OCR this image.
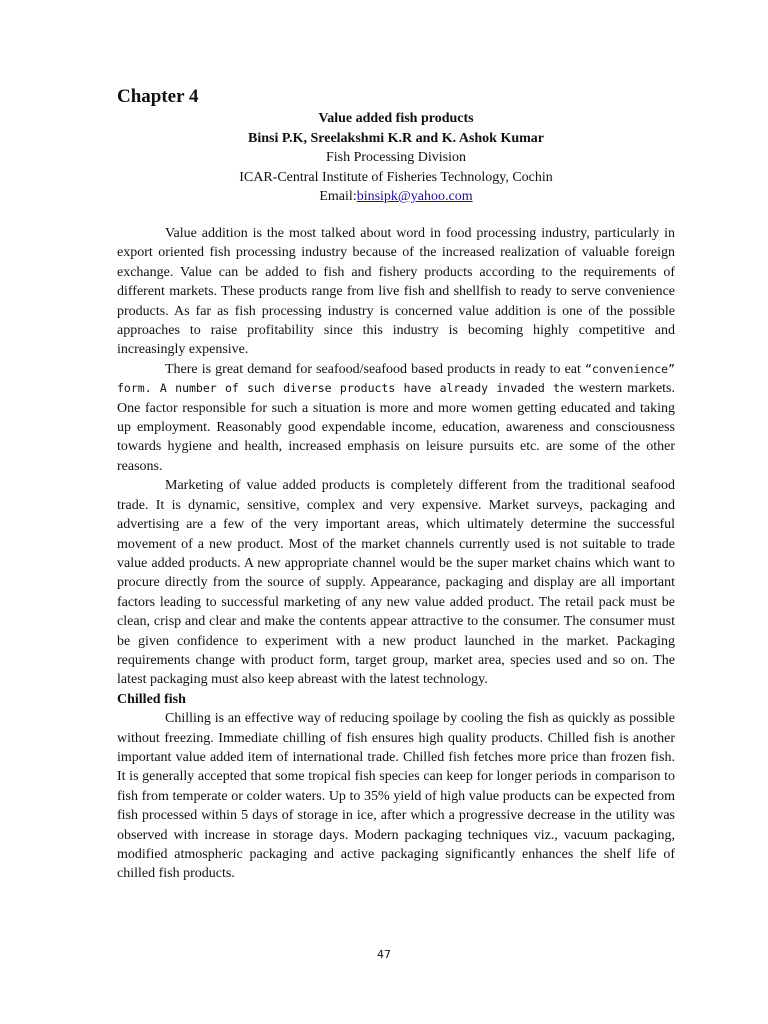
Chapter 4
Value added fish products
Binsi P.K, Sreelakshmi K.R and K. Ashok Kumar
Fish Processing Division
ICAR-Central Institute of Fisheries Technology, Cochin
Email:binsipk@yahoo.com

Value addition is the most talked about word in food processing industry, particularly in export oriented fish processing industry because of the increased realization of valuable foreign exchange. Value can be added to fish and fishery products according to the requirements of different markets. These products range from live fish and shellfish to ready to serve convenience products. As far as fish processing industry is concerned value addition is one of the possible approaches to raise profitability since this industry is becoming highly competitive and increasingly expensive.

There is great demand for seafood/seafood based products in ready to eat “convenience” form. A number of such diverse products have already invaded the western markets. One factor responsible for such a situation is more and more women getting educated and taking up employment. Reasonably good expendable income, education, awareness and consciousness towards hygiene and health, increased emphasis on leisure pursuits etc. are some of the other reasons.

Marketing of value added products is completely different from the traditional seafood trade. It is dynamic, sensitive, complex and very expensive. Market surveys, packaging and advertising are a few of the very important areas, which ultimately determine the successful movement of a new product. Most of the market channels currently used is not suitable to trade value added products. A new appropriate channel would be the super market chains which want to procure directly from the source of supply. Appearance, packaging and display are all important factors leading to successful marketing of any new value added product. The retail pack must be clean, crisp and clear and make the contents appear attractive to the consumer. The consumer must be given confidence to experiment with a new product launched in the market. Packaging requirements change with product form, target group, market area, species used and so on. The latest packaging must also keep abreast with the latest technology.

Chilled fish

Chilling is an effective way of reducing spoilage by cooling the fish as quickly as possible without freezing. Immediate chilling of fish ensures high quality products. Chilled fish is another important value added item of international trade. Chilled fish fetches more price than frozen fish. It is generally accepted that some tropical fish species can keep for longer periods in comparison to fish from temperate or colder waters. Up to 35% yield of high value products can be expected from fish processed within 5 days of storage in ice, after which a progressive decrease in the utility was observed with increase in storage days. Modern packaging techniques viz., vacuum packaging, modified atmospheric packaging and active packaging significantly enhances the shelf life of chilled fish products.

47
